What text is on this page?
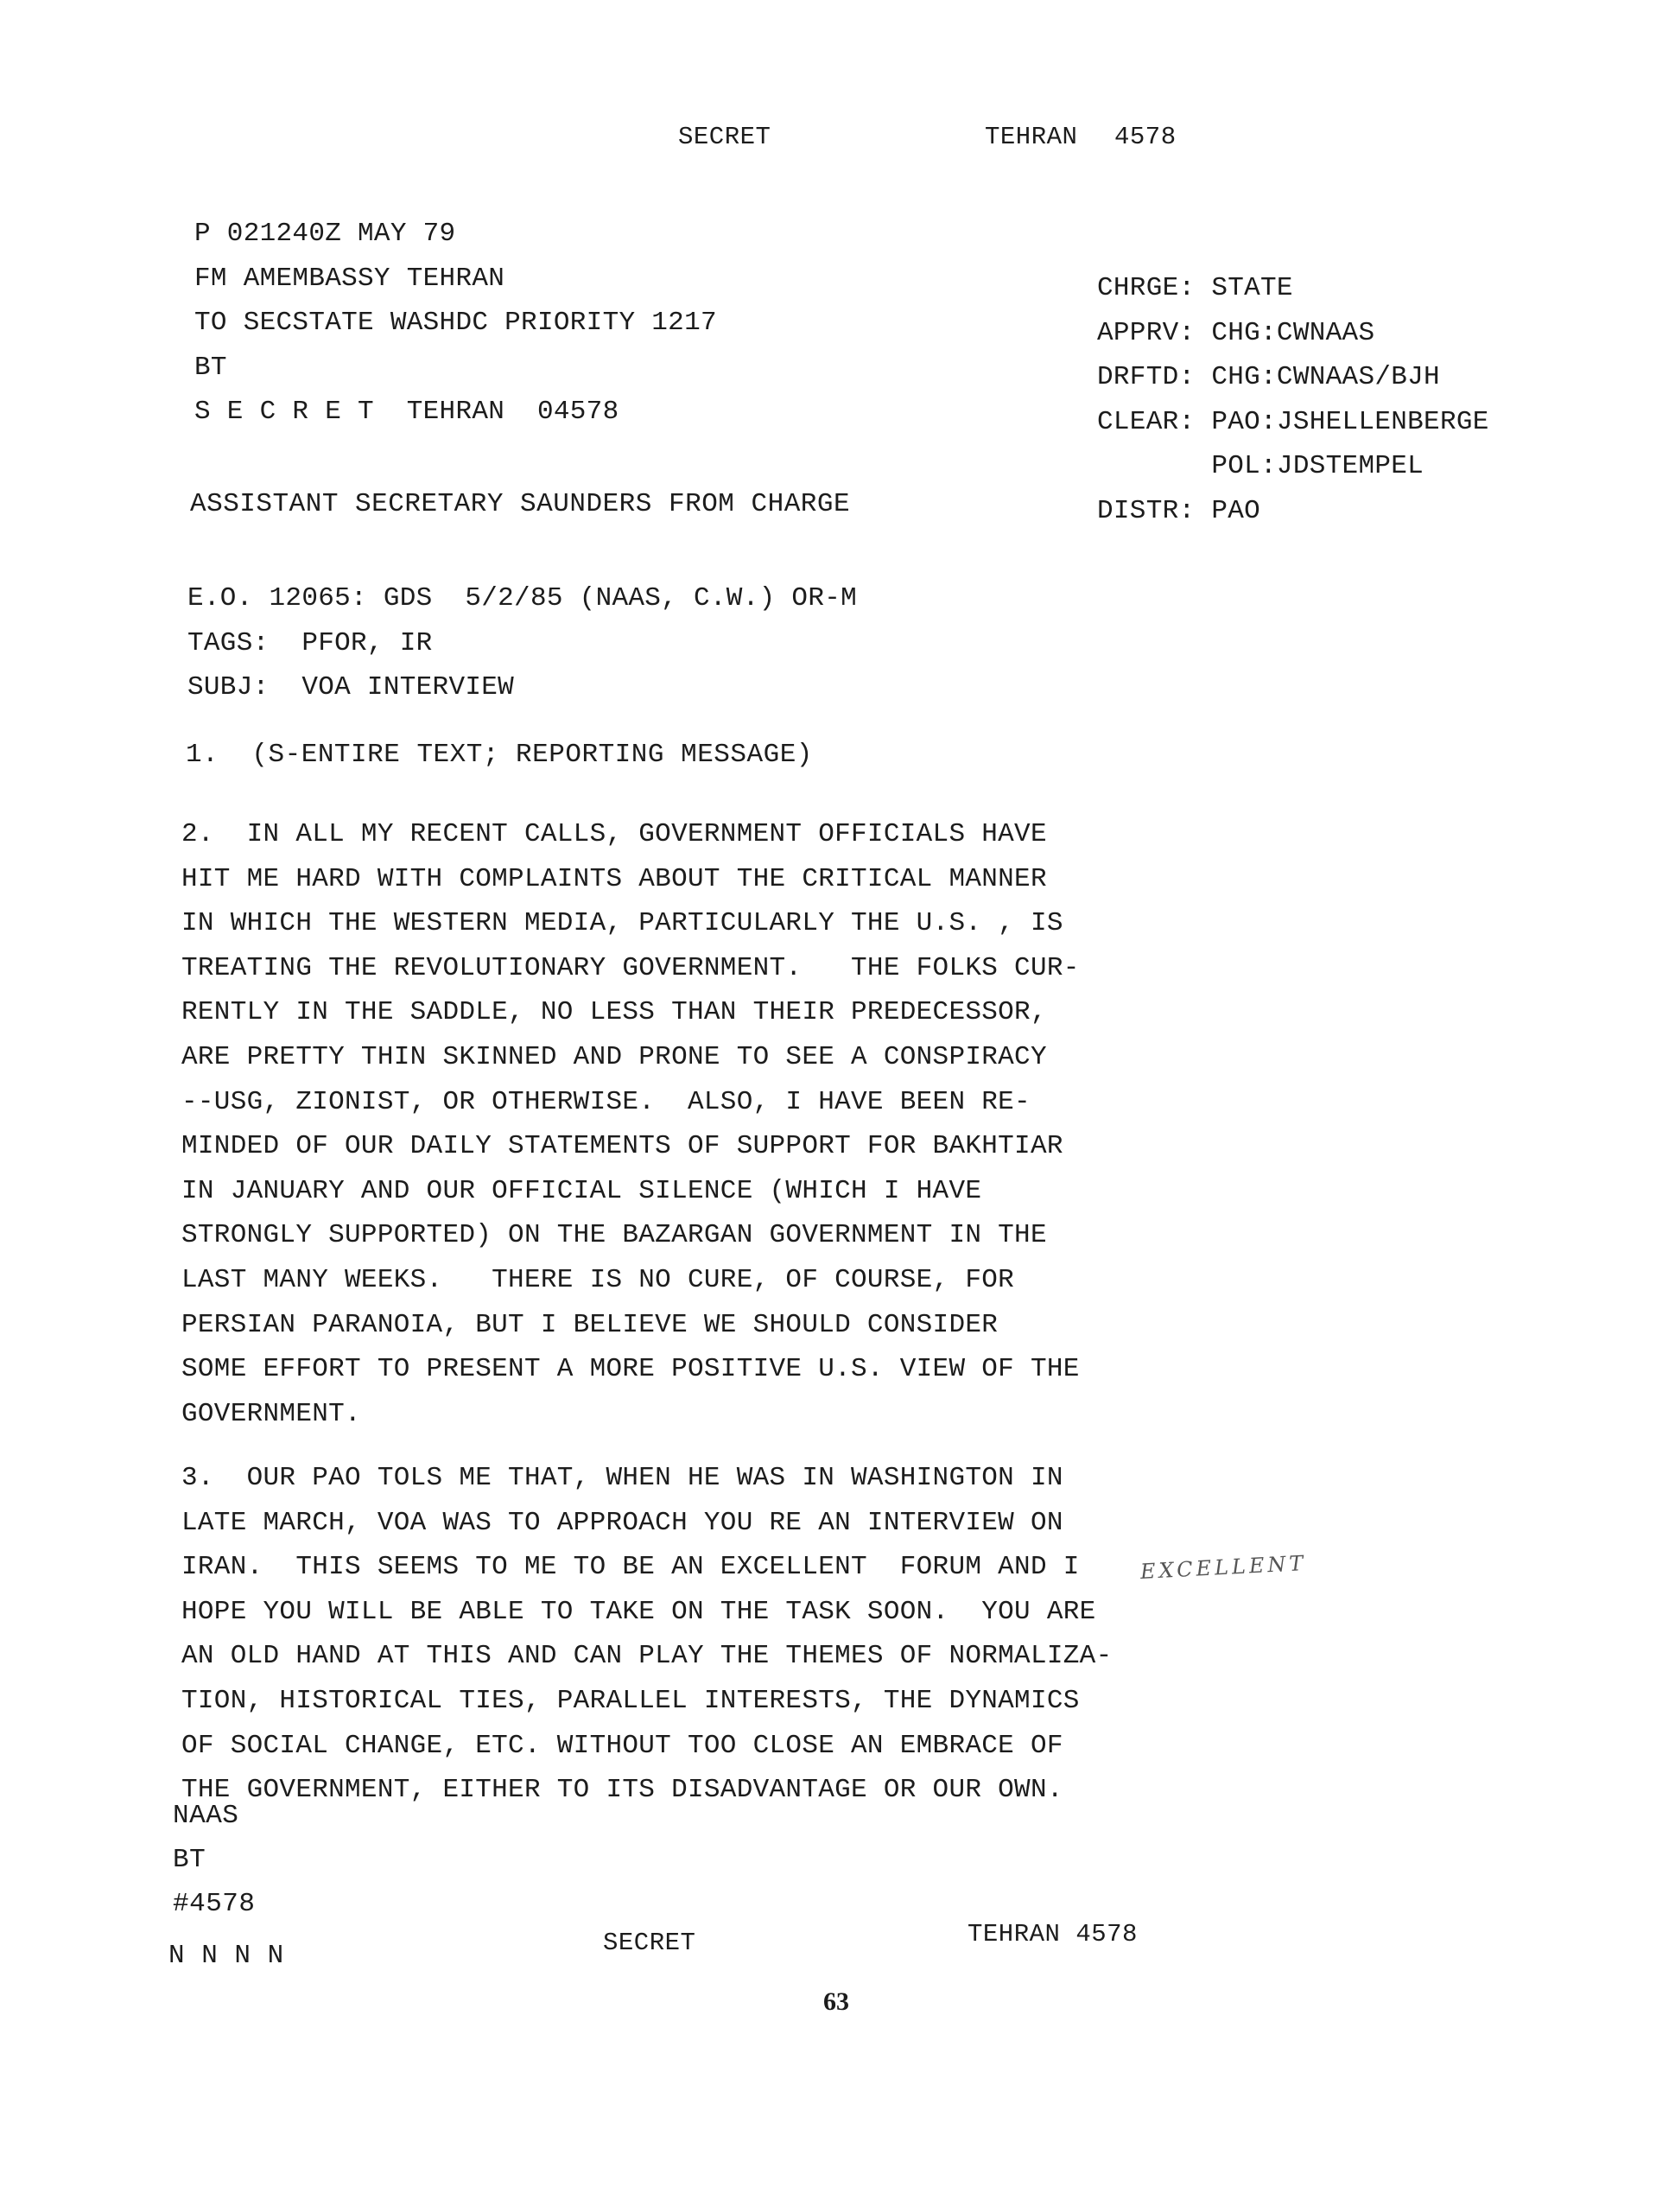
SECRET	TEHRAN 4578
P 021240Z MAY 79
FM AMEMBASSY TEHRAN
TO SECSTATE WASHDC PRIORITY 1217
BT
S E C R E T  TEHRAN  04578
CHRGE: STATE
APPRV: CHG:CWNAAS
DRFTD: CHG:CWNAAS/BJH
CLEAR: PAO:JSHELLENBERGE
POL:JDSTEMPEL
DISTR: PAO
ASSISTANT SECRETARY SAUNDERS FROM CHARGE
E.O. 12065: GDS  5/2/85 (NAAS, C.W.) OR-M
TAGS:  PFOR, IR
SUBJ:  VOA INTERVIEW
1.  (S-ENTIRE TEXT; REPORTING MESSAGE)
2.  IN ALL MY RECENT CALLS, GOVERNMENT OFFICIALS HAVE
HIT ME HARD WITH COMPLAINTS ABOUT THE CRITICAL MANNER
IN WHICH THE WESTERN MEDIA, PARTICULARLY THE U.S. , IS
TREATING THE REVOLUTIONARY GOVERNMENT.   THE FOLKS CUR-
RENTLY IN THE SADDLE, NO LESS THAN THEIR PREDECESSOR,
ARE PRETTY THIN SKINNED AND PRONE TO SEE A CONSPIRACY
--USG, ZIONIST, OR OTHERWISE.  ALSO, I HAVE BEEN RE-
MINDED OF OUR DAILY STATEMENTS OF SUPPORT FOR BAKHTIAR
IN JANUARY AND OUR OFFICIAL SILENCE (WHICH I HAVE
STRONGLY SUPPORTED) ON THE BAZARGAN GOVERNMENT IN THE
LAST MANY WEEKS.   THERE IS NO CURE, OF COURSE, FOR
PERSIAN PARANOIA, BUT I BELIEVE WE SHOULD CONSIDER
SOME EFFORT TO PRESENT A MORE POSITIVE U.S. VIEW OF THE
GOVERNMENT.
3.  OUR PAO TOLS ME THAT, WHEN HE WAS IN WASHINGTON IN
LATE MARCH, VOA WAS TO APPROACH YOU RE AN INTERVIEW ON
IRAN.  THIS SEEMS TO ME TO BE AN EXCELLENT  FORUM AND I
HOPE YOU WILL BE ABLE TO TAKE ON THE TASK SOON.  YOU ARE
AN OLD HAND AT THIS AND CAN PLAY THE THEMES OF NORMALIZA-
TION, HISTORICAL TIES, PARALLEL INTERESTS, THE DYNAMICS
OF SOCIAL CHANGE, ETC. WITHOUT TOO CLOSE AN EMBRACE OF
THE GOVERNMENT, EITHER TO ITS DISADVANTAGE OR OUR OWN.
NAAS
BT
#4578
N N N N
EXCELLENT
SECRET	TEHRAN 4578
63
